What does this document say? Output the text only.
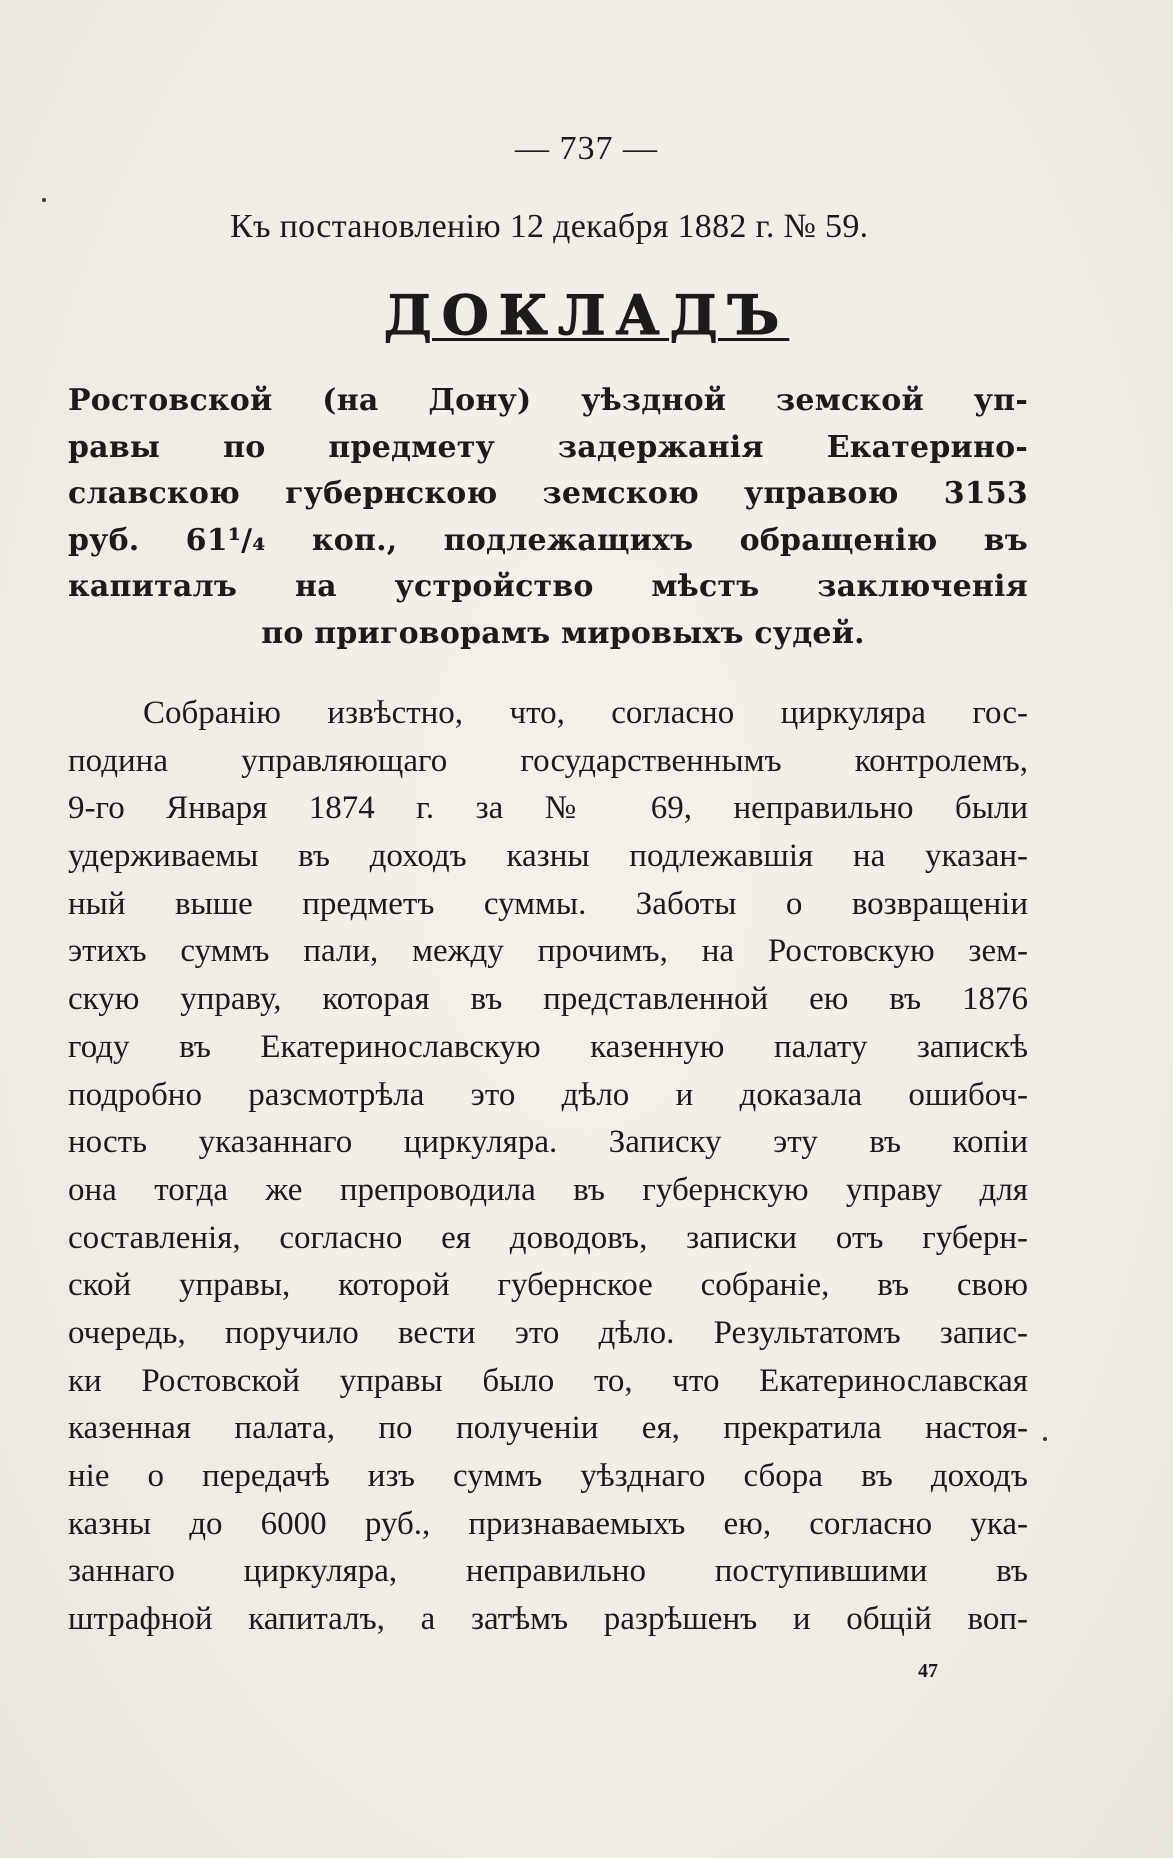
— 737 —
Къ постановленію 12 декабря 1882 г. № 59.
ДОКЛАДЪ
Ростовской (на Дону) уѣздной земской уп-
равы по предмету задержанія Екатерино-
славскою губернскою земскою управою 3153
руб. 61¹/₄ коп., подлежащихъ обращенію въ
капиталъ на устройство мѣстъ заключенія
по приговорамъ мировыхъ судей.
Собранію извѣстно, что, согласно циркуляра гос-
подина управляющаго государственнымъ контролемъ,
9-го Января 1874 г. за № 69, неправильно были
удерживаемы въ доходъ казны подлежавшія на указан-
ный выше предметъ суммы. Заботы о возвращеніи
этихъ суммъ пали, между прочимъ, на Ростовскую зем-
скую управу, которая въ представленной ею въ 1876
году въ Екатеринославскую казенную палату запискѣ
подробно разсмотрѣла это дѣло и доказала ошибоч-
ность указаннаго циркуляра. Записку эту въ копіи
она тогда же препроводила въ губернскую управу для
составленія, согласно ея доводовъ, записки отъ губерн-
ской управы, которой губернское собраніе, въ свою
очередь, поручило вести это дѣло. Результатомъ запис-
ки Ростовской управы было то, что Екатеринославская
казенная палата, по полученіи ея, прекратила настоя-
ніе о передачѣ изъ суммъ уѣзднаго сбора въ доходъ
казны до 6000 руб., признаваемыхъ ею, согласно ука-
заннаго циркуляра, неправильно поступившими въ
штрафной капиталъ, а затѣмъ разрѣшенъ и общій воп-
47
